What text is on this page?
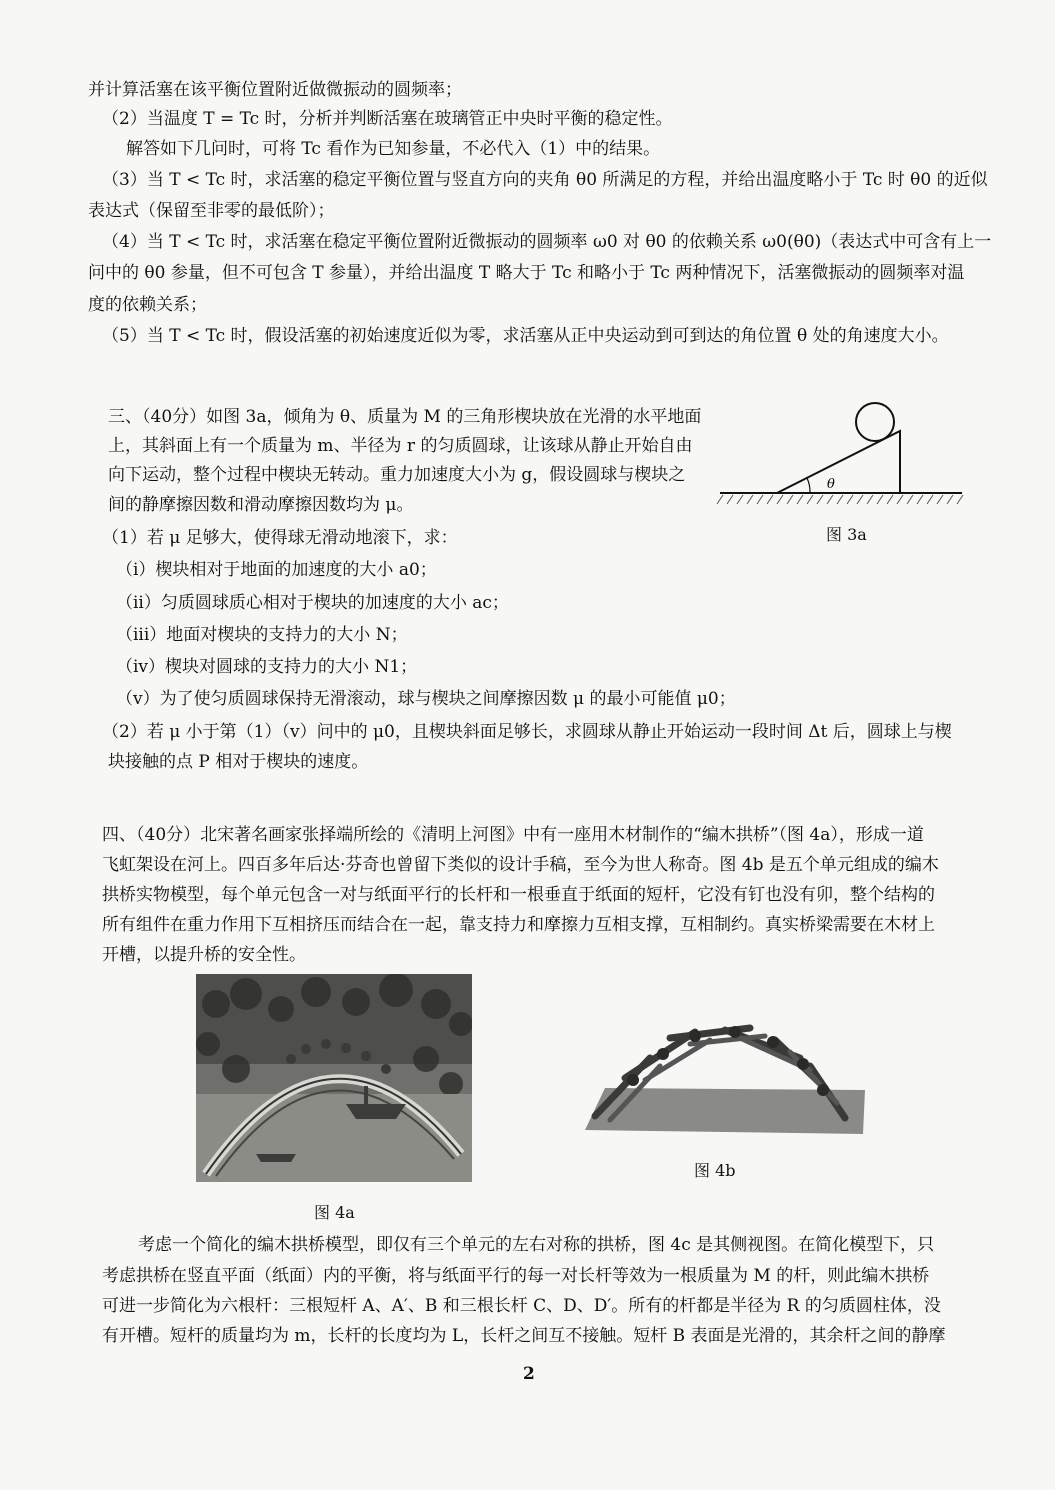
并计算活塞在该平衡位置附近做微振动的圆频率；
（2）当温度 T = Tc 时，分析并判断活塞在玻璃管正中央时平衡的稳定性。
解答如下几问时，可将 Tc 看作为已知参量，不必代入（1）中的结果。
（3）当 T < Tc 时，求活塞的稳定平衡位置与竖直方向的夹角 θ0 所满足的方程，并给出温度略小于 Tc 时 θ0 的近似
表达式（保留至非零的最低阶）；
（4）当 T < Tc 时，求活塞在稳定平衡位置附近微振动的圆频率 ω0 对 θ0 的依赖关系 ω0(θ0)（表达式中可含有上一
问中的 θ0 参量，但不可包含 T 参量），并给出温度 T 略大于 Tc 和略小于 Tc 两种情况下，活塞微振动的圆频率对温
度的依赖关系；
（5）当 T < Tc 时，假设活塞的初始速度近似为零，求活塞从正中央运动到可到达的角位置 θ 处的角速度大小。
三、（40分）如图 3a，倾角为 θ、质量为 M 的三角形楔块放在光滑的水平地面
上，其斜面上有一个质量为 m、半径为 r 的匀质圆球，让该球从静止开始自由
向下运动，整个过程中楔块无转动。重力加速度大小为 g，假设圆球与楔块之
间的静摩擦因数和滑动摩擦因数均为 μ。
（1）若 μ 足够大，使得球无滑动地滚下，求：
（i）楔块相对于地面的加速度的大小 a0；
（ii）匀质圆球质心相对于楔块的加速度的大小 ac；
（iii）地面对楔块的支持力的大小 N；
（iv）楔块对圆球的支持力的大小 N1；
（v）为了使匀质圆球保持无滑滚动，球与楔块之间摩擦因数 μ 的最小可能值 μ0；
（2）若 μ 小于第（1）（v）问中的 μ0，且楔块斜面足够长，求圆球从静止开始运动一段时间 Δt 后，圆球上与楔
块接触的点 P 相对于楔块的速度。
四、（40分）北宋著名画家张择端所绘的《清明上河图》中有一座用木材制作的“编木拱桥”（图 4a），形成一道
飞虹架设在河上。四百多年后达·芬奇也曾留下类似的设计手稿，至今为世人称奇。图 4b 是五个单元组成的编木
拱桥实物模型，每个单元包含一对与纸面平行的长杆和一根垂直于纸面的短杆，它没有钉也没有卯，整个结构的
所有组件在重力作用下互相挤压而结合在一起，靠支持力和摩擦力互相支撑，互相制约。真实桥梁需要在木材上
开槽，以提升桥的安全性。
考虑一个简化的编木拱桥模型，即仅有三个单元的左右对称的拱桥，图 4c 是其侧视图。在简化模型下，只
考虑拱桥在竖直平面（纸面）内的平衡，将与纸面平行的每一对长杆等效为一根质量为 M 的杆，则此编木拱桥
可进一步简化为六根杆：三根短杆 A、A′、B 和三根长杆 C、D、D′。所有的杆都是半径为 R 的匀质圆柱体，没
有开槽。短杆的质量均为 m，长杆的长度均为 L，长杆之间互不接触。短杆 B 表面是光滑的，其余杆之间的静摩
θ
图 3a
图 4a
图 4b
2
